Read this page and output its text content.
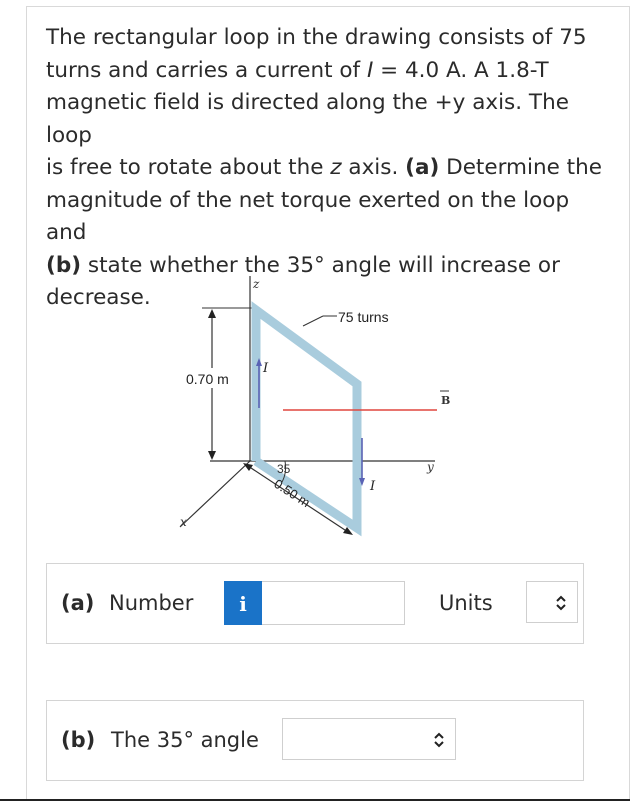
The rectangular loop in the drawing consists of 75
turns and carries a current of I = 4.0 A. A 1.8-T
magnetic field is directed along the +y axis. The loop
is free to rotate about the z axis. (a) Determine the
magnitude of the net torque exerted on the loop and
(b) state whether the 35° angle will increase or
decrease.

z
y
x
0.70 m
75 turns
B
I
I
35
0.50 m
(a) Number	i	Units
(b) The 35° angle
